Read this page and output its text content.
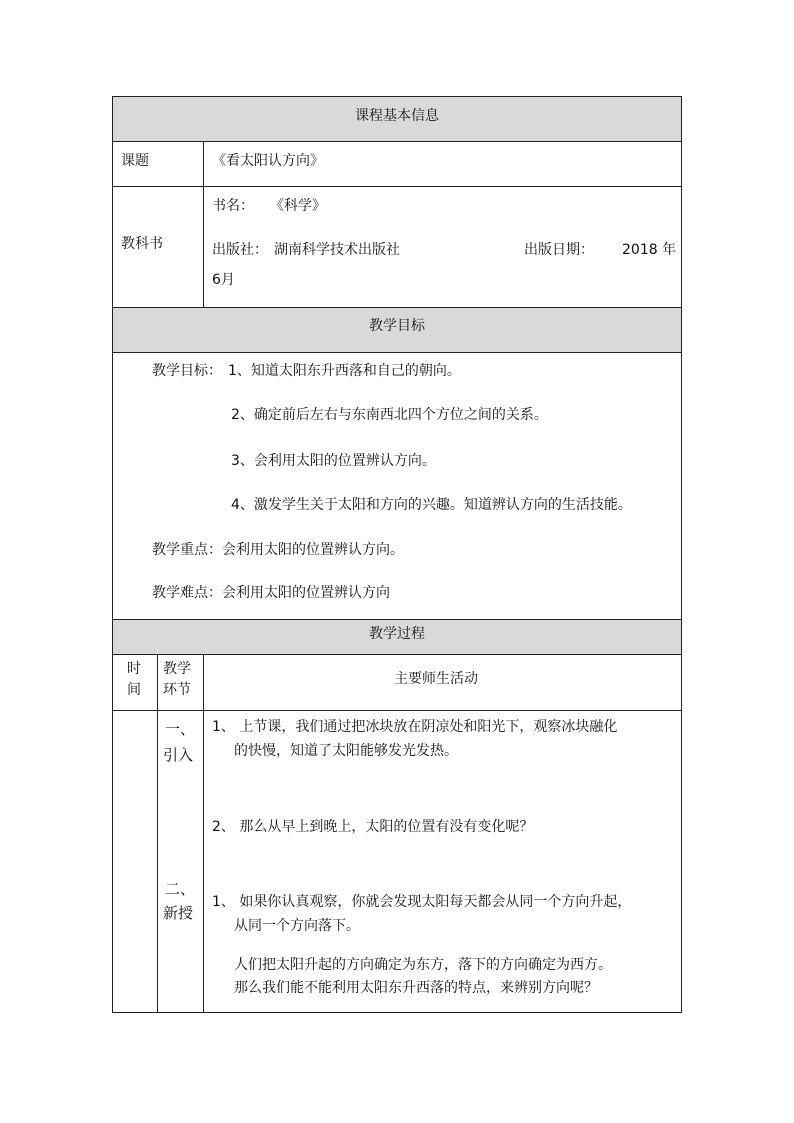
课程基本信息
课题	《看太阳认方向》
教科书
书名： 《科学》
出版社： 湖南科学技术出版社	出版日期： 2018 年
6月
教学目标
教学目标： 1、知道太阳东升西落和自己的朝向。
2、确定前后左右与东南西北四个方位之间的关系。
3、会利用太阳的位置辨认方向。
4、激发学生关于太阳和方向的兴趣。知道辨认方向的生活技能。
教学重点：会利用太阳的位置辨认方向。
教学难点：会利用太阳的位置辨认方向
教学过程
时
间
教学
环节
主要师生活动
一、
引入
1、 上节课，我们通过把冰块放在阴凉处和阳光下，观察冰块融化
的快慢，知道了太阳能够发光发热。
2、 那么从早上到晚上，太阳的位置有没有变化呢？
二、
新授
1、 如果你认真观察，你就会发现太阳每天都会从同一个方向升起，
从同一个方向落下。
人们把太阳升起的方向确定为东方，落下的方向确定为西方。
那么我们能不能利用太阳东升西落的特点，来辨别方向呢？
